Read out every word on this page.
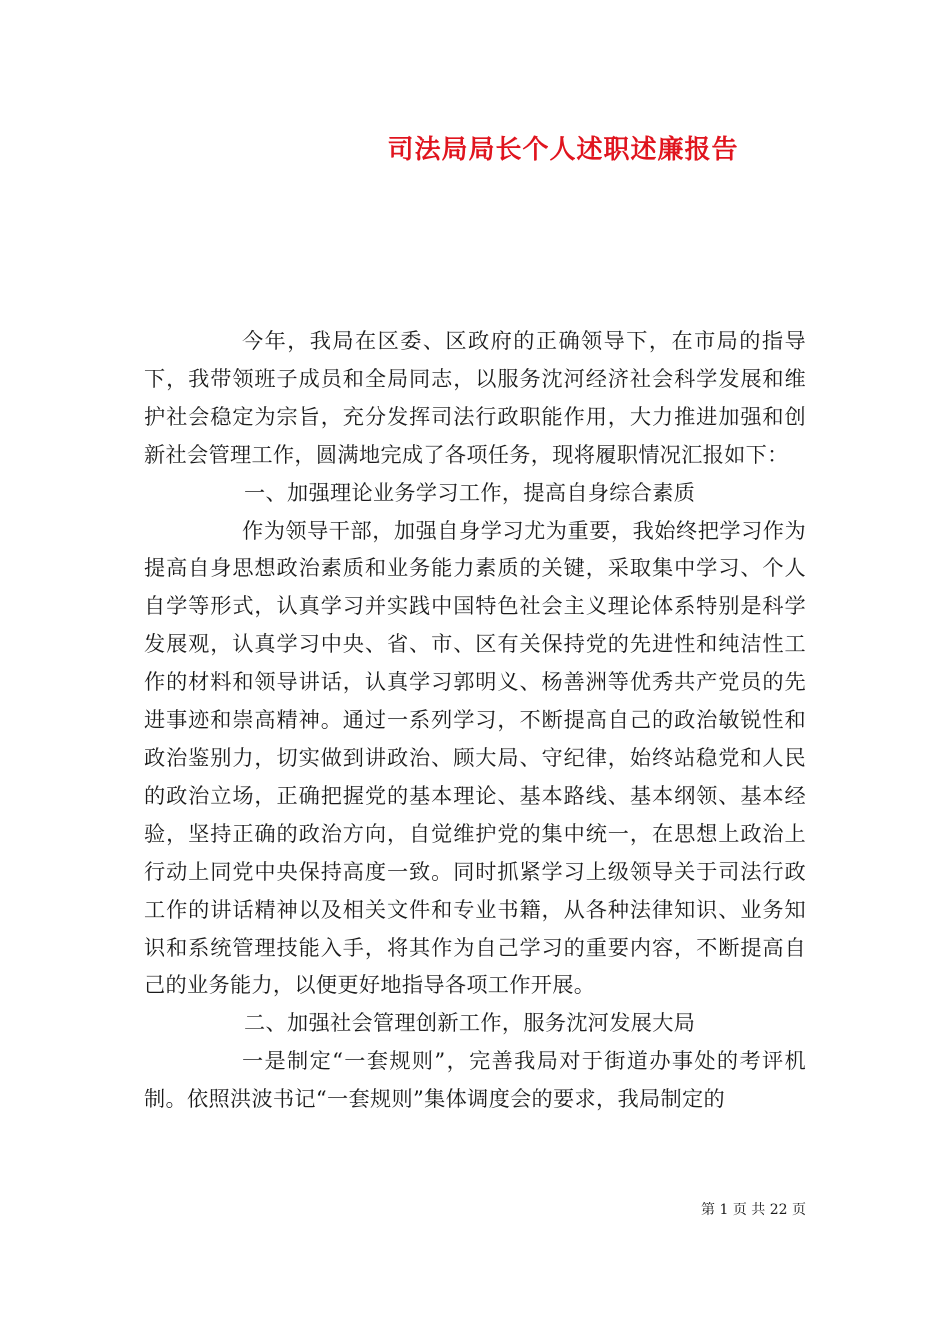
司法局局长个人述职述廉报告

今年，我局在区委、区政府的正确领导下，在市局的指导下，我带领班子成员和全局同志，以服务沈河经济社会科学发展和维护社会稳定为宗旨，充分发挥司法行政职能作用，大力推进加强和创新社会管理工作，圆满地完成了各项任务，现将履职情况汇报如下：

一、加强理论业务学习工作，提高自身综合素质

作为领导干部，加强自身学习尤为重要，我始终把学习作为提高自身思想政治素质和业务能力素质的关键，采取集中学习、个人自学等形式，认真学习并实践中国特色社会主义理论体系特别是科学发展观，认真学习中央、省、市、区有关保持党的先进性和纯洁性工作的材料和领导讲话，认真学习郭明义、杨善洲等优秀共产党员的先进事迹和崇高精神。通过一系列学习，不断提高自己的政治敏锐性和政治鉴别力，切实做到讲政治、顾大局、守纪律，始终站稳党和人民的政治立场，正确把握党的基本理论、基本路线、基本纲领、基本经验，坚持正确的政治方向，自觉维护党的集中统一，在思想上政治上行动上同党中央保持高度一致。同时抓紧学习上级领导关于司法行政工作的讲话精神以及相关文件和专业书籍，从各种法律知识、业务知识和系统管理技能入手，将其作为自己学习的重要内容，不断提高自己的业务能力，以便更好地指导各项工作开展。

二、加强社会管理创新工作，服务沈河发展大局

一是制定“一套规则”，完善我局对于街道办事处的考评机制。依照洪波书记“一套规则”集体调度会的要求，我局制定的

第 1 页 共 22 页
